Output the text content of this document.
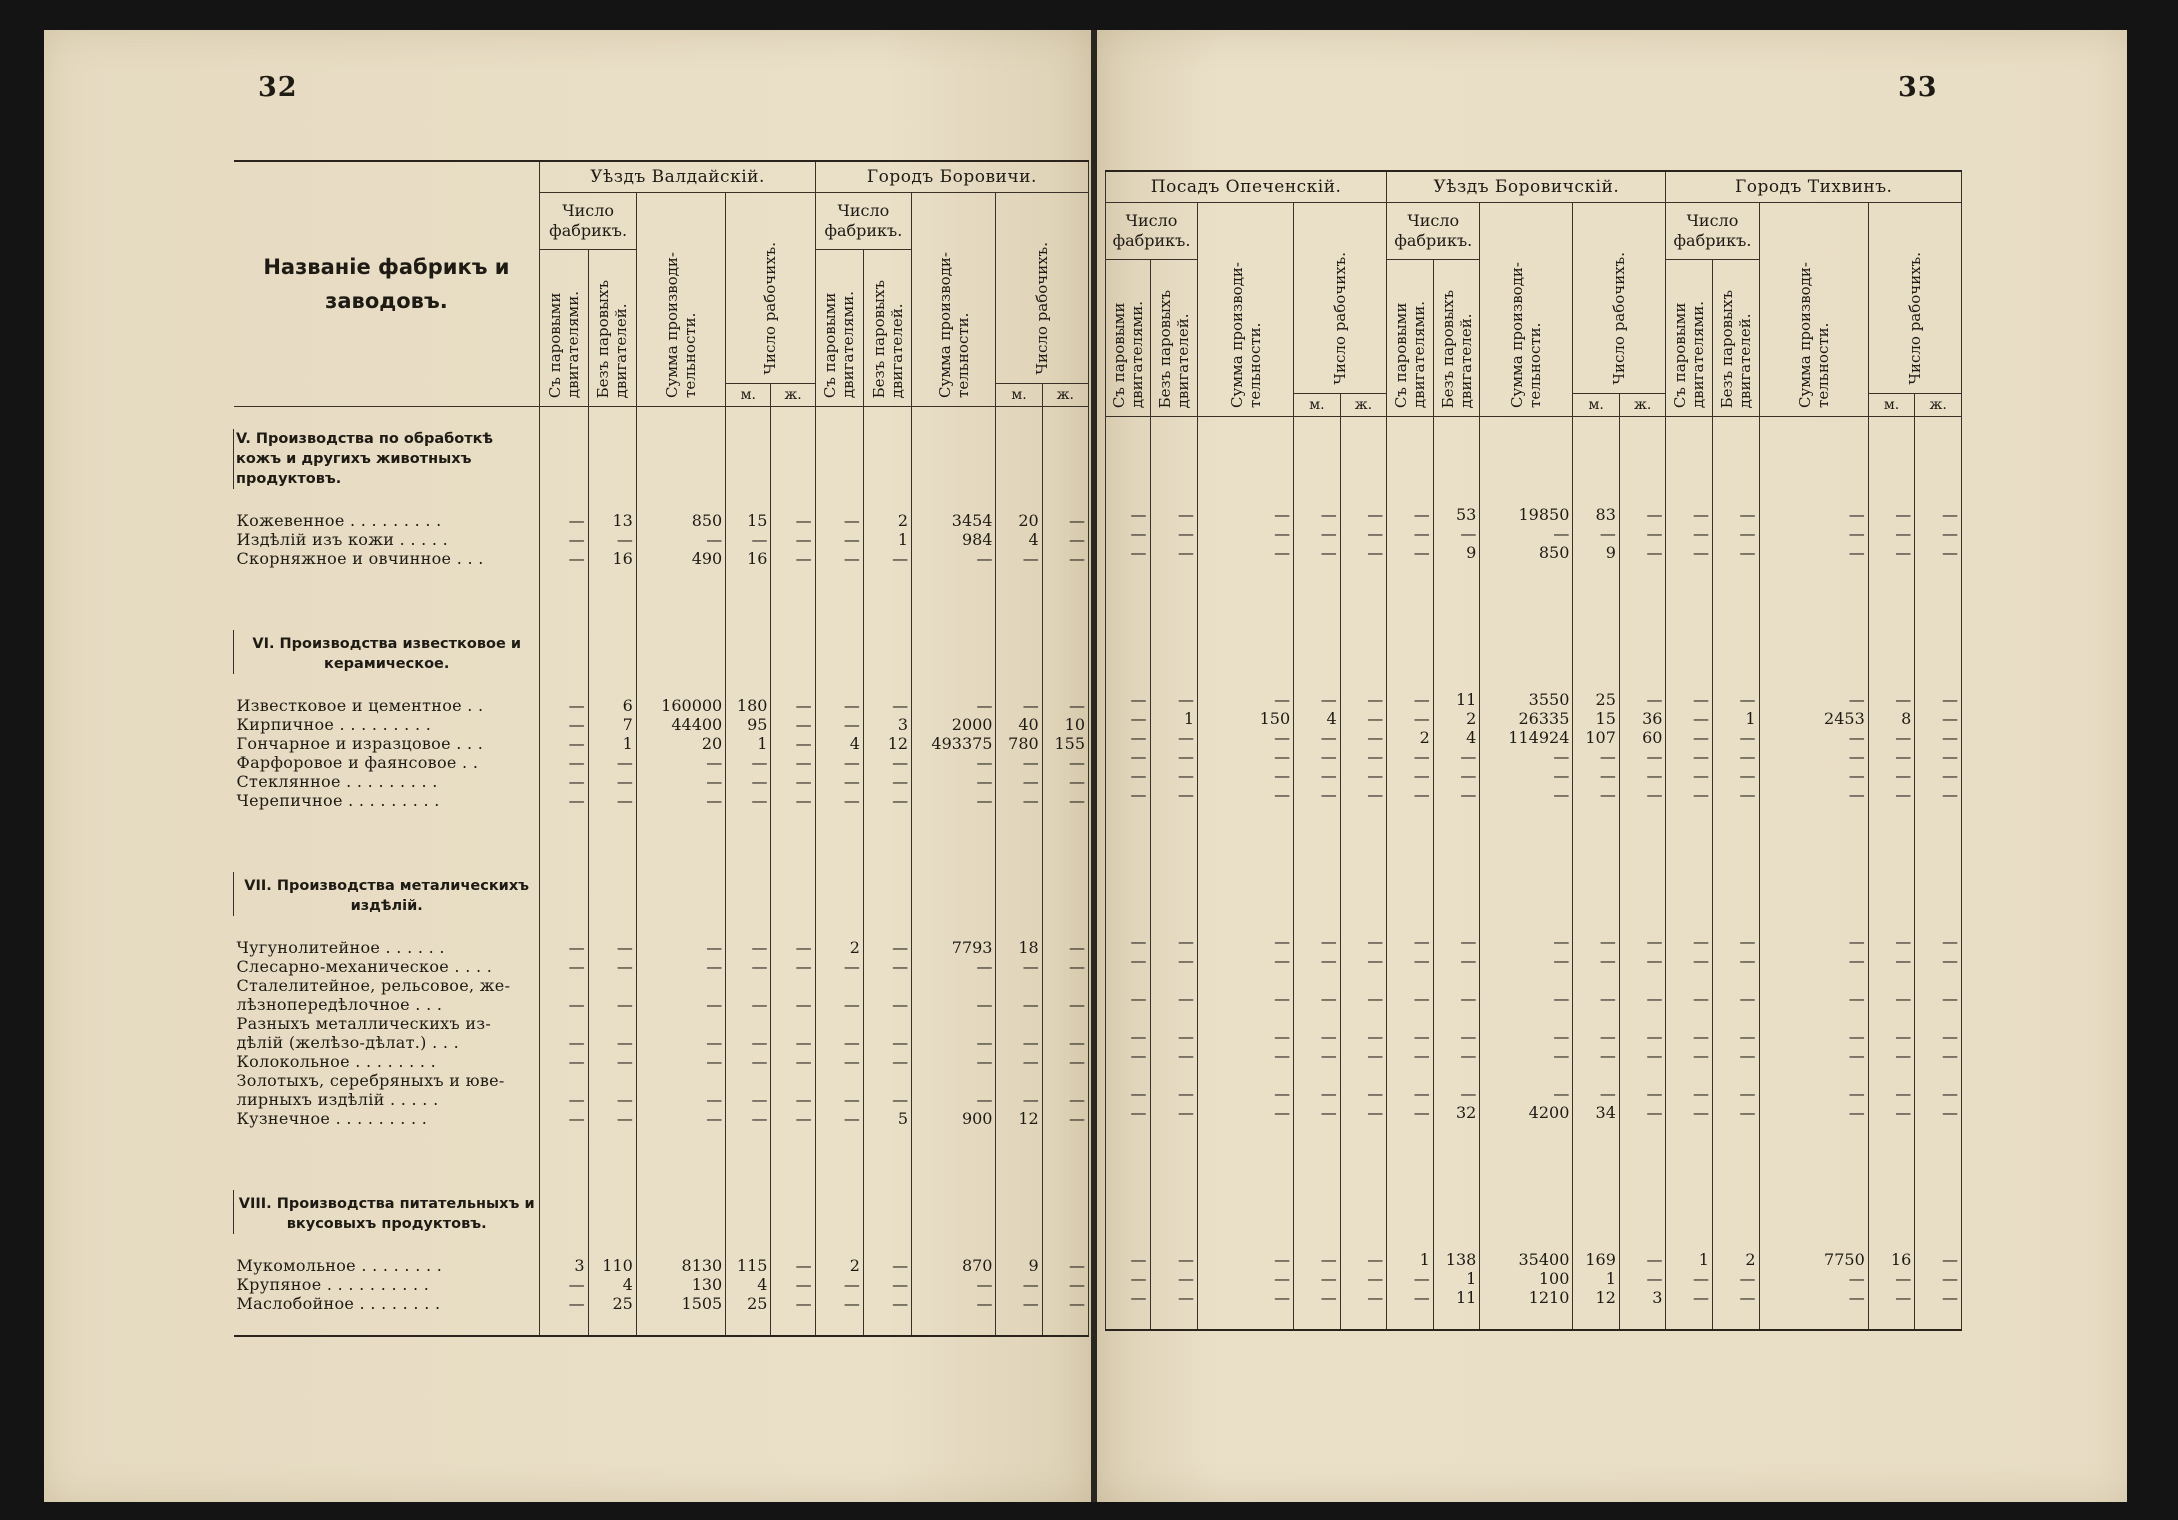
32	33
Названіе фабрикъ и заводовъ.	Уѣздъ Валдайскій.					Городъ Боровичи.				
	Число фабрикъ.		Сумма производи-
тельности.	Число рабочихъ.		Число фабрикъ.		Сумма производи-
тельности.	Число рабочихъ.	
	Съ паровыми
двигателями.	Безъ паровыхъ
двигателей.				Съ паровыми
двигателями.	Безъ паровыхъ
двигателей.			
				м.	ж.				м.	ж.

V. Производства по обработкѣ кожъ и другихъ животныхъ продуктовъ.										

Кожевенное . . . . . . . . .	—	13	850	15	—	—	2	3454	20	—
Издѣлій изъ кожи . . . . .	—	—	—	—	—	—	1	984	4	—
Скорняжное и овчинное . . .	—	16	490	16	—	—	—	—	—	—

VI. Производства известковое и керамическое.										

Известковое и цементное . .	—	6	160000	180	—	—	—	—	—	—
Кирпичное . . . . . . . . .	—	7	44400	95	—	—	3	2000	40	10
Гончарное и изразцовое . . .	—	1	20	1	—	4	12	493375	780	155
Фарфоровое и фаянсовое . .	—	—	—	—	—	—	—	—	—	—
Стеклянное . . . . . . . . .	—	—	—	—	—	—	—	—	—	—
Черепичное . . . . . . . . .	—	—	—	—	—	—	—	—	—	—

VII. Производства металическихъ издѣлій.										

Чугунолитейное . . . . . .	—	—	—	—	—	2	—	7793	18	—
Слесарно-механическое . . . .	—	—	—	—	—	—	—	—	—	—
Сталелитейное, рельсовое, же-										
лѣзнопередѣлочное . . .	—	—	—	—	—	—	—	—	—	—
Разныхъ металлическихъ из-										
дѣлій (желѣзо-дѣлат.) . . .	—	—	—	—	—	—	—	—	—	—
Колокольное . . . . . . . .	—	—	—	—	—	—	—	—	—	—
Золотыхъ, серебряныхъ и юве-										
лирныхъ издѣлій . . . . .	—	—	—	—	—	—	—	—	—	—
Кузнечное . . . . . . . . .	—	—	—	—	—	—	5	900	12	—

VIII. Производства питательныхъ и вкусовыхъ продуктовъ.										

Мукомольное . . . . . . . .	3	110	8130	115	—	2	—	870	9	—
Крупяное . . . . . . . . . .	—	4	130	4	—	—	—	—	—	—
Маслобойное . . . . . . . .	—	25	1505	25	—	—	—	—	—	—

Посадъ Опеченскій.					Уѣздъ Боровичскій.					Городъ Тихвинъ.				
Число фабрикъ.		Сумма производи-
тельности.	Число рабочихъ.		Число фабрикъ.		Сумма производи-
тельности.	Число рабочихъ.		Число фабрикъ.		Сумма производи-
тельности.	Число рабочихъ.	
Съ паровыми
двигателями.	Безъ паровыхъ
двигателей.				Съ паровыми
двигателями.	Безъ паровыхъ
двигателей.				Съ паровыми
двигателями.	Безъ паровыхъ
двигателей.			
			м.	ж.				м.	ж.				м.	ж.

—	—	—	—	—	—	53	19850	83	—	—	—	—	—	—
—	—	—	—	—	—	—	—	—	—	—	—	—	—	—
—	—	—	—	—	—	9	850	9	—	—	—	—	—	—

—	—	—	—	—	—	11	3550	25	—	—	—	—	—	—
—	1	150	4	—	—	2	26335	15	36	—	1	2453	8	—
—	—	—	—	—	2	4	114924	107	60	—	—	—	—	—
—	—	—	—	—	—	—	—	—	—	—	—	—	—	—
—	—	—	—	—	—	—	—	—	—	—	—	—	—	—
—	—	—	—	—	—	—	—	—	—	—	—	—	—	—

—	—	—	—	—	—	—	—	—	—	—	—	—	—	—
—	—	—	—	—	—	—	—	—	—	—	—	—	—	—

—	—	—	—	—	—	—	—	—	—	—	—	—	—	—

—	—	—	—	—	—	—	—	—	—	—	—	—	—	—
—	—	—	—	—	—	—	—	—	—	—	—	—	—	—

—	—	—	—	—	—	—	—	—	—	—	—	—	—	—
—	—	—	—	—	—	32	4200	34	—	—	—	—	—	—

—	—	—	—	—	1	138	35400	169	—	1	2	7750	16	—
—	—	—	—	—	—	1	100	1	—	—	—	—	—	—
—	—	—	—	—	—	11	1210	12	3	—	—	—	—	—
